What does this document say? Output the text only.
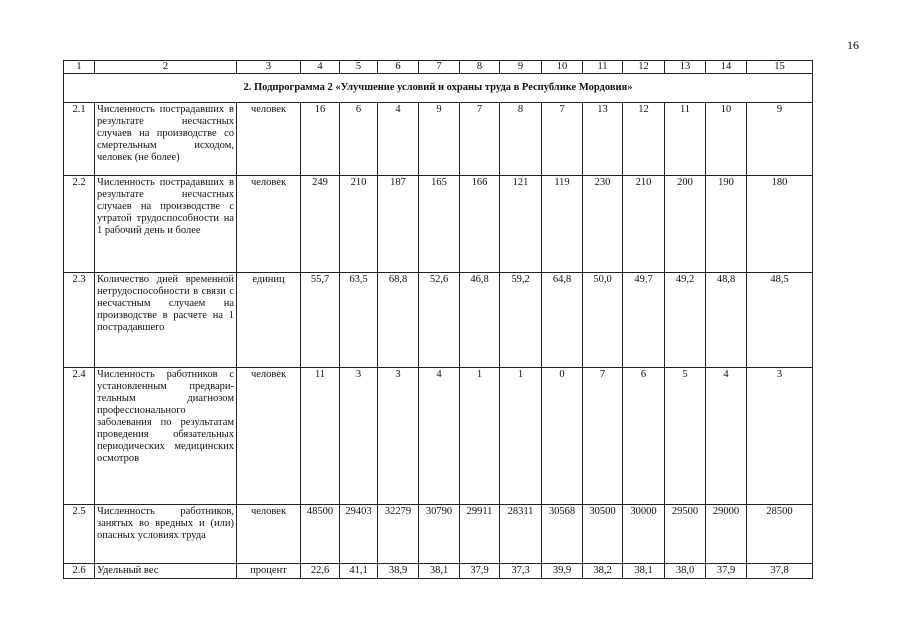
16
1	2	3	4	5	6	7	8	9	10	11	12	13	14	15
2. Подпрограмма 2 «Улучшение условий и охраны труда в Республике Мордовия»														
2.1	Численность пострадавших в результате несчастных случаев на производстве со смертельным исходом, человек (не более)	человек	16	6	4	9	7	8	7	13	12	11	10	9
2.2	Численность пострадавших в результате несчастных случаев на производстве с утратой трудоспособности на 1 рабочий день и более	человек	249	210	187	165	166	121	119	230	210	200	190	180
2.3	Количество дней временной нетрудоспособности в связи с несчастным случаем на производстве в расчете на 1 пострадавшего	единиц	55,7	63,5	68,8	52,6	46,8	59,2	64,8	50,0	49,7	49,2	48,8	48,5
2.4	Численность работников с установленным предвари-тельным диагнозом профессионального заболевания по результатам проведения обязательных периодических медицинских осмотров	человек	11	3	3	4	1	1	0	7	6	5	4	3
2.5	Численность работников, занятых во вредных и (или) опасных условиях труда	человек	48500	29403	32279	30790	29911	28311	30568	30500	30000	29500	29000	28500
2.6	Удельный вес	процент	22,6	41,1	38,9	38,1	37,9	37,3	39,9	38,2	38,1	38,0	37,9	37,8
